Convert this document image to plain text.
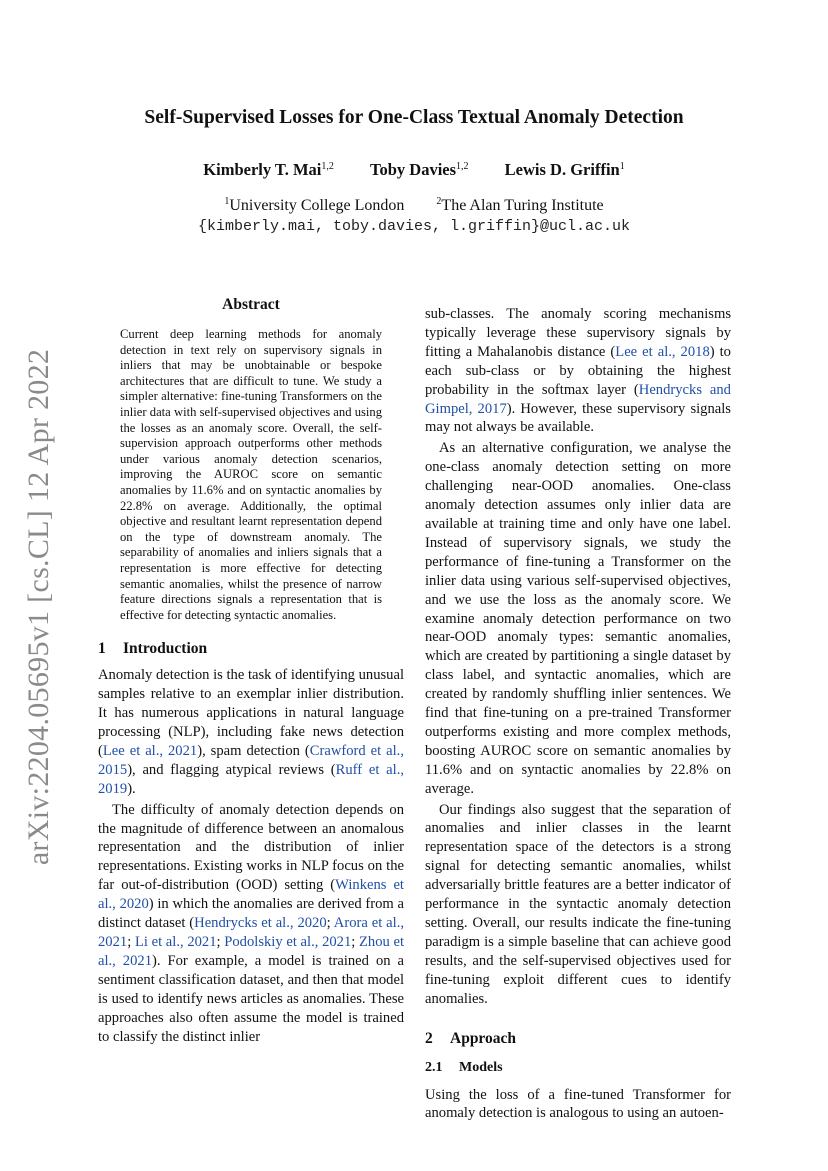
arXiv:2204.05695v1 [cs.CL] 12 Apr 2022
Self-Supervised Losses for One-Class Textual Anomaly Detection
Kimberly T. Mai$^{1,2}$ Toby Davies$^{1,2}$ Lewis D. Griffin$^1$
$^1$University College London	$^2$The Alan Turing Institute
{kimberly.mai, toby.davies, l.griffin}@ucl.ac.uk
Abstract

Current deep learning methods for anomaly detection in text rely on supervisory signals in inliers that may be unobtainable or bespoke architectures that are difficult to tune. We study a simpler alternative: fine-tuning Transformers on the inlier data with self-supervised objectives and using the losses as an anomaly score. Overall, the self-supervision approach outperforms other methods under various anomaly detection scenarios, improving the AUROC score on semantic anomalies by 11.6% and on syntactic anomalies by 22.8% on average. Additionally, the optimal objective and resultant learnt representation depend on the type of downstream anomaly. The separability of anomalies and inliers signals that a representation is more effective for detecting semantic anomalies, whilst the presence of narrow feature directions signals a representation that is effective for detecting syntactic anomalies.

1 Introduction

Anomaly detection is the task of identifying unusual samples relative to an exemplar inlier distribution. It has numerous applications in natural language processing (NLP), including fake news detection (Lee et al., 2021), spam detection (Crawford et al., 2015), and flagging atypical reviews (Ruff et al., 2019).

The difficulty of anomaly detection depends on the magnitude of difference between an anomalous representation and the distribution of inlier representations. Existing works in NLP focus on the far out-of-distribution (OOD) setting (Winkens et al., 2020) in which the anomalies are derived from a distinct dataset (Hendrycks et al., 2020; Arora et al., 2021; Li et al., 2021; Podolskiy et al., 2021; Zhou et al., 2021). For example, a model is trained on a sentiment classification dataset, and then that model is used to identify news articles as anomalies. These approaches also often assume the model is trained to classify the distinct inlier

sub-classes. The anomaly scoring mechanisms typically leverage these supervisory signals by fitting a Mahalanobis distance (Lee et al., 2018) to each sub-class or by obtaining the highest probability in the softmax layer (Hendrycks and Gimpel, 2017). However, these supervisory signals may not always be available.

As an alternative configuration, we analyse the one-class anomaly detection setting on more challenging near-OOD anomalies. One-class anomaly detection assumes only inlier data are available at training time and only have one label. Instead of supervisory signals, we study the performance of fine-tuning a Transformer on the inlier data using various self-supervised objectives, and we use the loss as the anomaly score. We examine anomaly detection performance on two near-OOD anomaly types: semantic anomalies, which are created by partitioning a single dataset by class label, and syntactic anomalies, which are created by randomly shuffling inlier sentences. We find that fine-tuning on a pre-trained Transformer outperforms existing and more complex methods, boosting AUROC score on semantic anomalies by 11.6% and on syntactic anomalies by 22.8% on average.

Our findings also suggest that the separation of anomalies and inlier classes in the learnt representation space of the detectors is a strong signal for detecting semantic anomalies, whilst adversarially brittle features are a better indicator of performance in the syntactic anomaly detection setting. Overall, our results indicate the fine-tuning paradigm is a simple baseline that can achieve good results, and the self-supervised objectives used for fine-tuning exploit different cues to identify anomalies.

2 Approach
2.1 Models

Using the loss of a fine-tuned Transformer for anomaly detection is analogous to using an autoen-
